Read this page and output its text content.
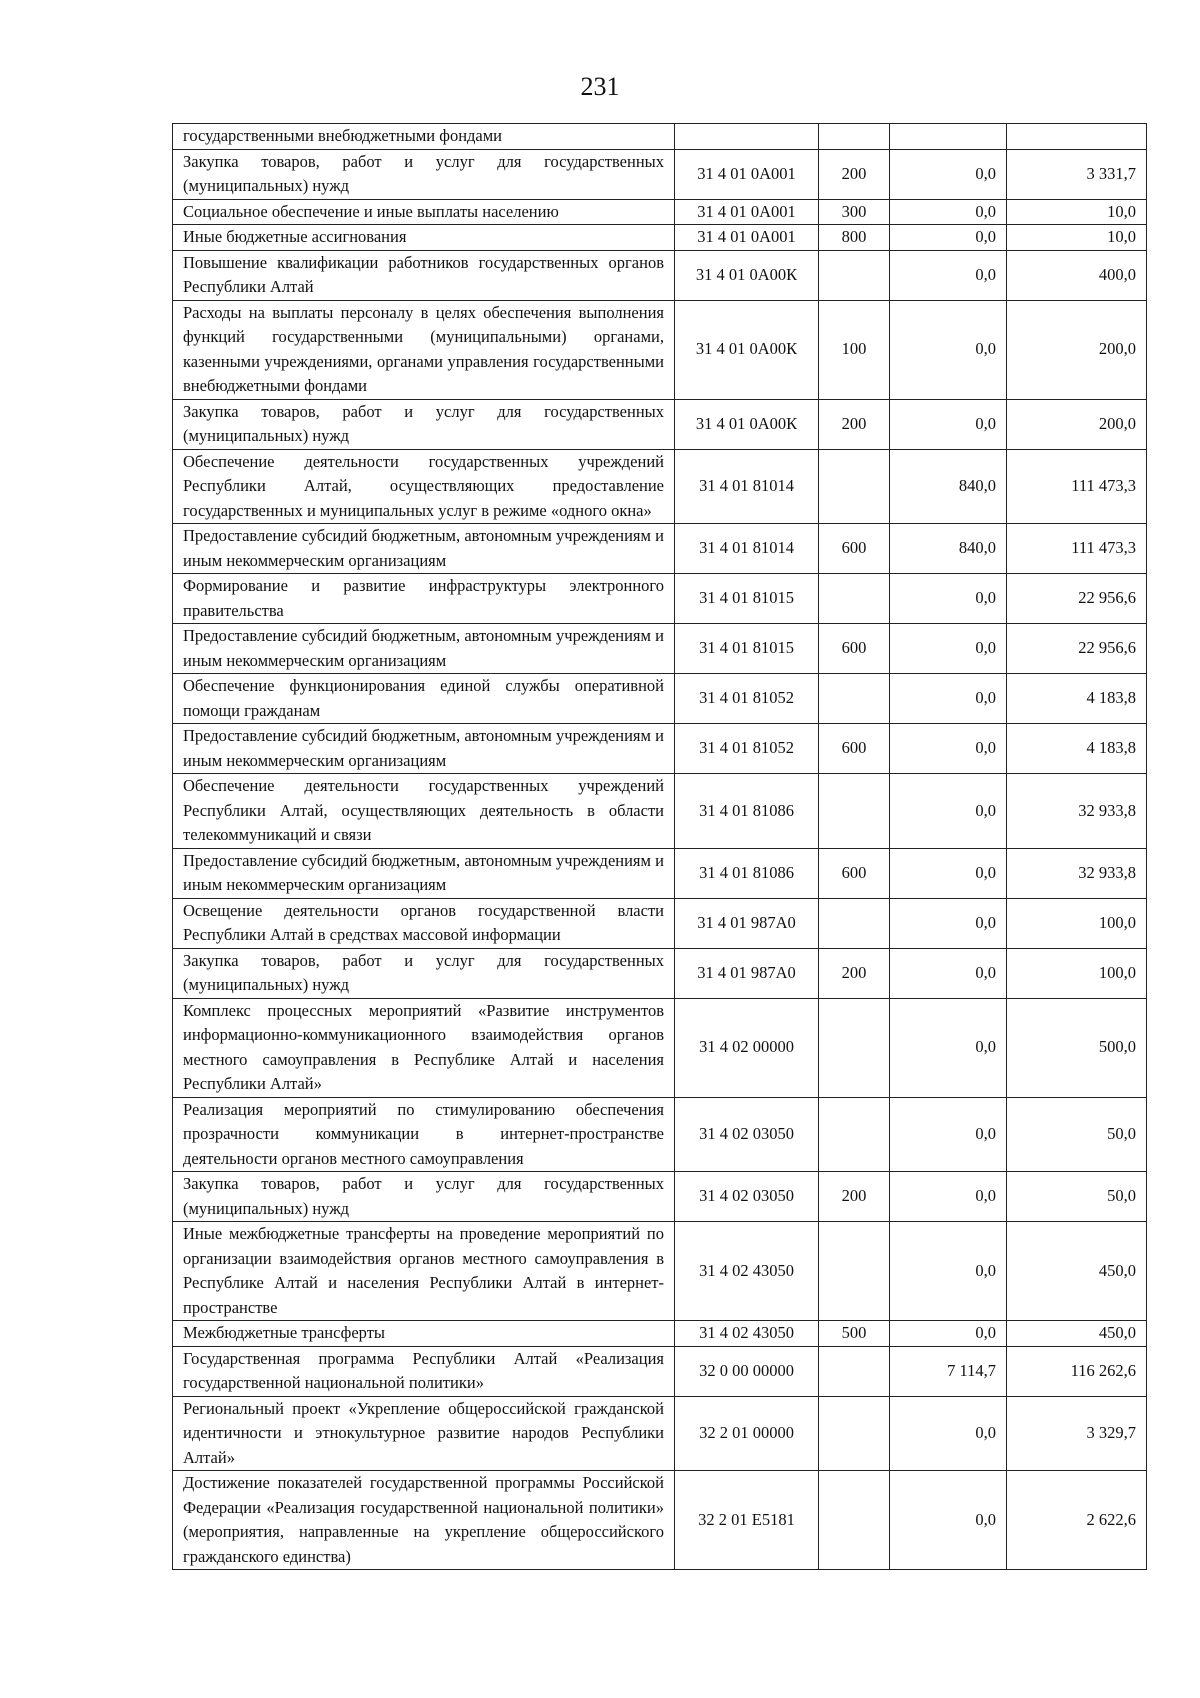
231
государственными внебюджетными фондами				
Закупка товаров, работ и услуг для государственных (муниципальных) нужд	31 4 01 0А001	200	0,0	3 331,7
Социальное обеспечение и иные выплаты населению	31 4 01 0А001	300	0,0	10,0
Иные бюджетные ассигнования	31 4 01 0А001	800	0,0	10,0
Повышение квалификации работников государственных органов Республики Алтай	31 4 01 0А00К		0,0	400,0
Расходы на выплаты персоналу в целях обеспечения выполнения функций государственными (муниципальными) органами, казенными учреждениями, органами управления государственными внебюджетными фондами	31 4 01 0А00К	100	0,0	200,0
Закупка товаров, работ и услуг для государственных (муниципальных) нужд	31 4 01 0А00К	200	0,0	200,0
Обеспечение деятельности государственных учреждений Республики Алтай, осуществляющих предоставление государственных и муниципальных услуг в режиме «одного окна»	31 4 01 81014		840,0	111 473,3
Предоставление субсидий бюджетным, автономным учреждениям и иным некоммерческим организациям	31 4 01 81014	600	840,0	111 473,3
Формирование и развитие инфраструктуры электронного правительства	31 4 01 81015		0,0	22 956,6
Предоставление субсидий бюджетным, автономным учреждениям и иным некоммерческим организациям	31 4 01 81015	600	0,0	22 956,6
Обеспечение функционирования единой службы оперативной помощи гражданам	31 4 01 81052		0,0	4 183,8
Предоставление субсидий бюджетным, автономным учреждениям и иным некоммерческим организациям	31 4 01 81052	600	0,0	4 183,8
Обеспечение деятельности государственных учреждений Республики Алтай, осуществляющих деятельность в области телекоммуникаций и связи	31 4 01 81086		0,0	32 933,8
Предоставление субсидий бюджетным, автономным учреждениям и иным некоммерческим организациям	31 4 01 81086	600	0,0	32 933,8
Освещение деятельности органов государственной власти Республики Алтай в средствах массовой информации	31 4 01 987А0		0,0	100,0
Закупка товаров, работ и услуг для государственных (муниципальных) нужд	31 4 01 987А0	200	0,0	100,0
Комплекс процессных мероприятий «Развитие инструментов информационно-коммуникационного взаимодействия органов местного самоуправления в Республике Алтай и населения Республики Алтай»	31 4 02 00000		0,0	500,0
Реализация мероприятий по стимулированию обеспечения прозрачности коммуникации в интернет-пространстве деятельности органов местного самоуправления	31 4 02 03050		0,0	50,0
Закупка товаров, работ и услуг для государственных (муниципальных) нужд	31 4 02 03050	200	0,0	50,0
Иные межбюджетные трансферты на проведение мероприятий по организации взаимодействия органов местного самоуправления в Республике Алтай и населения Республики Алтай в интернет-пространстве	31 4 02 43050		0,0	450,0
Межбюджетные трансферты	31 4 02 43050	500	0,0	450,0
Государственная программа Республики Алтай «Реализация государственной национальной политики»	32 0 00 00000		7 114,7	116 262,6
Региональный проект «Укрепление общероссийской гражданской идентичности и этнокультурное развитие народов Республики Алтай»	32 2 01 00000		0,0	3 329,7
Достижение показателей государственной программы Российской Федерации «Реализация государственной национальной политики» (мероприятия, направленные на укрепление общероссийского гражданского единства)	32 2 01 Е5181		0,0	2 622,6
